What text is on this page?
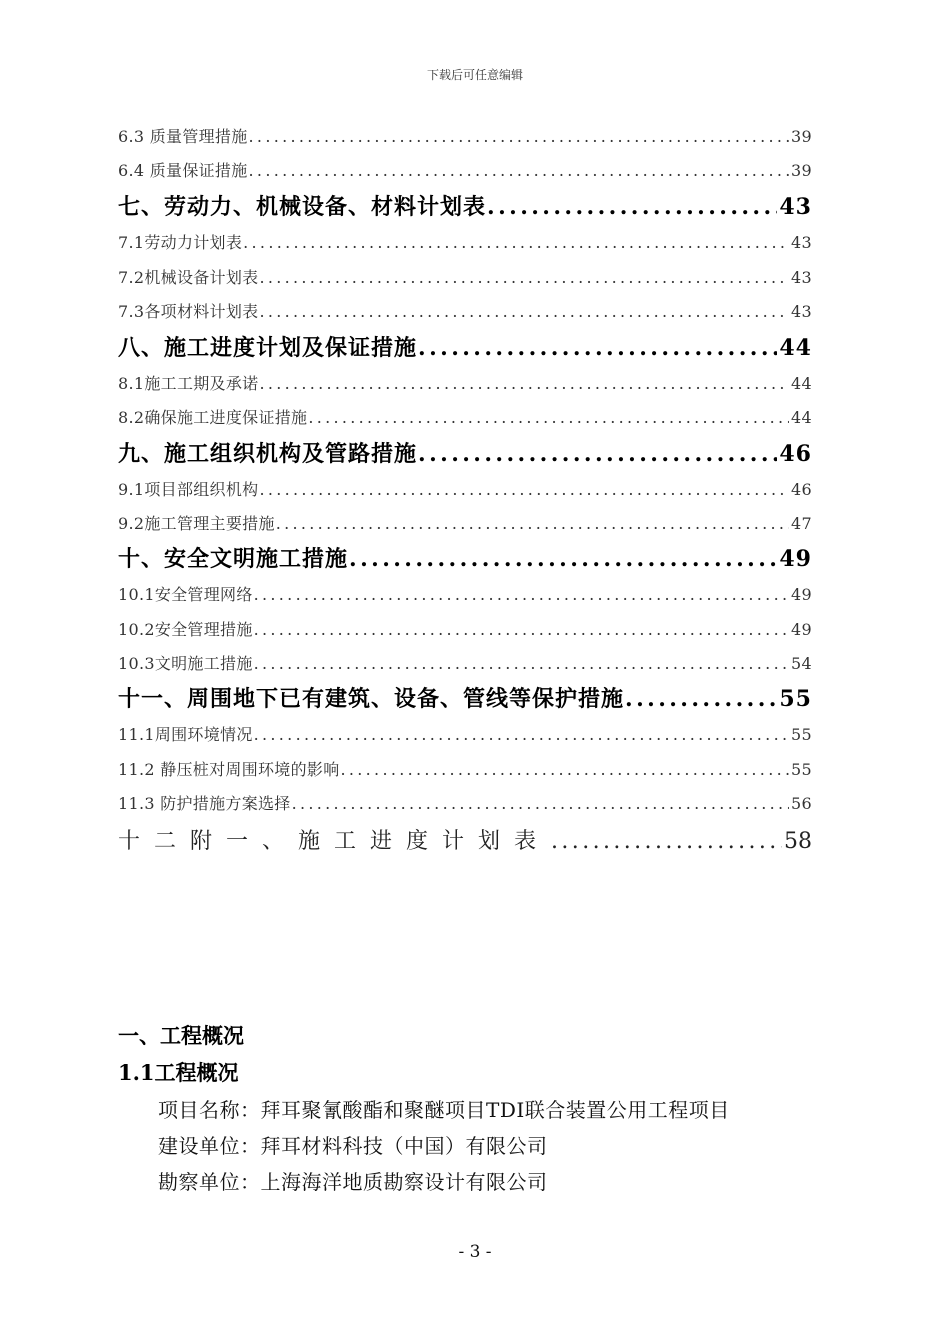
下载后可任意编辑
6.3 质量管理措施 .....	39
6.4 质量保证措施 .....	39
七、劳动力、机械设备、材料计划表 .....	43
7.1劳动力计划表 .....	43
7.2机械设备计划表 .....	43
7.3各项材料计划表 .....	43
八、施工进度计划及保证措施 .....	44
8.1施工工期及承诺 .....	44
8.2确保施工进度保证措施 .....	44
九、施工组织机构及管路措施 .....	46
9.1项目部组织机构 .....	46
9.2施工管理主要措施 .....	47
十、安全文明施工措施 .....	49
10.1安全管理网络 .....	49
10.2安全管理措施 .....	49
10.3文明施工措施 .....	54
十一、周围地下已有建筑、设备、管线等保护措施 .....	55
11.1周围环境情况 .....	55
11.2 静压桩对周围环境的影响 .....	55
11.3 防护措施方案选择 .....	56
十二附一、施工进度计划表 .....	58
一、工程概况
1.1工程概况
项目名称：拜耳聚氰酸酯和聚醚项目TDI联合装置公用工程项目
建设单位：拜耳材料科技（中国）有限公司
勘察单位：上海海洋地质勘察设计有限公司
- 3 -
